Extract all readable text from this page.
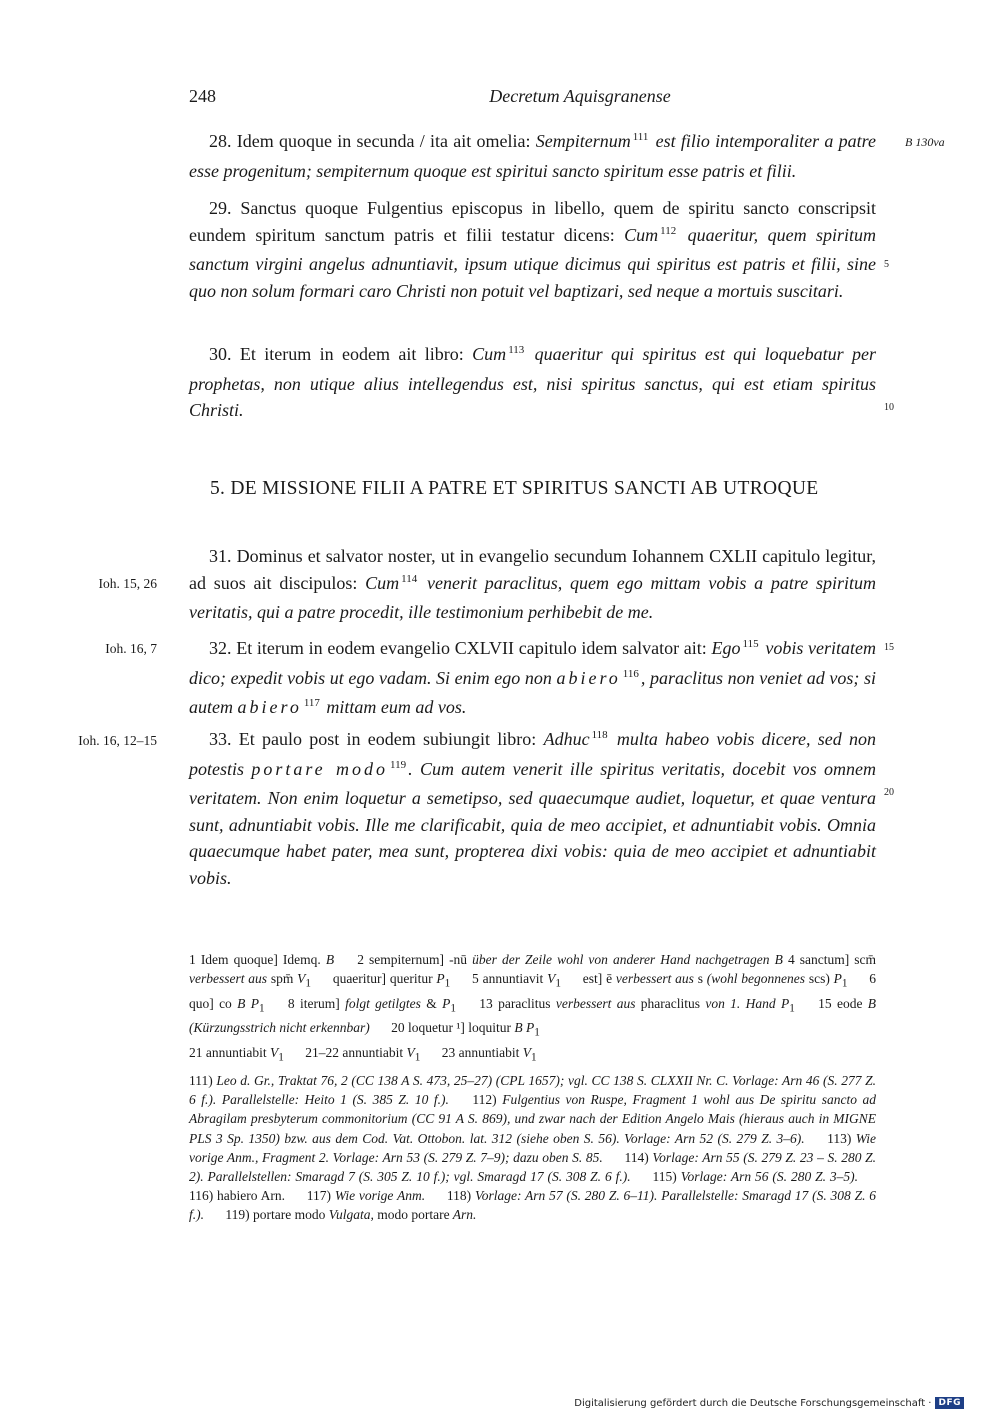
248	Decretum Aquisgranense
B 130va

28. Idem quoque in secunda / ita ait omelia: Sempiternum $^{111}$ est filio intemporaliter a patre esse progenitum; sempiternum quoque est spiritui sancto spiritum esse patris et filii.

29. Sanctus quoque Fulgentius episcopus in libello, quem de spiritu sancto conscripsit eundem spiritum sanctum patris et filii testatur dicens: Cum $^{112}$ quaeritur, quem spiritum sanctum virgini angelus adnuntiavit, ipsum utique dicimus qui spiritus est patris et filii, sine quo non solum formari caro Christi non potuit vel baptizari, sed neque a mortuis suscitari.

5

30. Et iterum in eodem ait libro: Cum $^{113}$ quaeritur qui spiritus est qui loquebatur per prophetas, non utique alius intellegendus est, nisi spiritus sanctus, qui est etiam spiritus Christi.	10
5. DE MISSIONE FILII A PATRE ET SPIRITUS SANCTI AB UTROQUE
Ioh. 15, 26

31. Dominus et salvator noster, ut in evangelio secundum Iohannem CXLII capitulo legitur, ad suos ait discipulos: Cum $^{114}$ venerit paraclitus, quem ego mittam vobis a patre spiritum veritatis, qui a patre procedit, ille testimonium perhibebit de me.

Ioh. 16, 7	32. Et iterum in eodem evangelio CXLVII capitulo idem salvator ait: Ego $^{115}$ vobis veritatem dico; expedit vobis ut ego vadam. Si enim ego non abiero $^{116}$ , paraclitus non veniet ad vos; si autem abiero $^{117}$ mittam eum ad vos.

15
Ioh. 16, 12–15	33. Et paulo post in eodem subiungit libro: Adhuc $^{118}$ multa habeo vobis dicere, sed non potestis portare modo $^{119}$ . Cum autem venerit ille spiritus veritatis, docebit vos omnem veritatem. Non enim loquetur a semetipso, sed quaecumque audiet, loquetur, et quae ventura sunt, adnuntiabit vobis. Ille me clarificabit, quia de meo accipiet, et adnuntiabit vobis. Omnia quaecumque habet pater, mea sunt, propterea dixi vobis: quia de meo accipiet et adnuntiabit vobis.

20

1 Idem quoque] Idemq. B 2 sempiternum] -nū über der Zeile wohl von anderer Hand nachgetragen B 4 sanctum] scm̄ verbessert aus spm̄ $V_1$ quaeritur] queritur $P_1$ 5 annuntiavit $V_1$ est] ē verbessert aus s (wohl begonnenes scs) $P_1$ 6 quo] co B $P_1$ 8 iterum] folgt getilgtes & $P_1$ 13 paraclitus verbessert aus pharaclitus von 1. Hand $P_1$ 15 eode B (Kürzungsstrich nicht erkennbar) 20 loquetur ¹] loquitur B $P_1$
21 annuntiabit $V_1$ 21–22 annuntiabit $V_1$ 23 annuntiabit $V_1$

111) Leo d. Gr., Traktat 76, 2 (CC 138 A S. 473, 25–27) (CPL 1657); vgl. CC 138 S. CLXXII Nr. C. Vorlage: Arn 46 (S. 277 Z. 6 f.). Parallelstelle: Heito 1 (S. 385 Z. 10 f.). 112) Fulgentius von Ruspe, Fragment 1 wohl aus De spiritu sancto ad Abragilam presbyterum commonitorium (CC 91 A S. 869), und zwar nach der Edition Angelo Mais (hieraus auch in MIGNE PLS 3 Sp. 1350) bzw. aus dem Cod. Vat. Ottobon. lat. 312 (siehe oben S. 56). Vorlage: Arn 52 (S. 279 Z. 3–6). 113) Wie vorige Anm., Fragment 2. Vorlage: Arn 53 (S. 279 Z. 7–9); dazu oben S. 85. 114) Vorlage: Arn 55 (S. 279 Z. 23 – S. 280 Z. 2). Parallelstellen: Smaragd 7 (S. 305 Z. 10 f.); vgl. Smaragd 17 (S. 308 Z. 6 f.). 115) Vorlage: Arn 56 (S. 280 Z. 3–5). 116) habiero Arn. 117) Wie vorige Anm. 118) Vorlage: Arn 57 (S. 280 Z. 6–11). Parallelstelle: Smaragd 17 (S. 308 Z. 6 f.). 119) portare modo Vulgata, modo portare Arn.

Digitalisierung gefördert durch die Deutsche Forschungsgemeinschaft · DFG
